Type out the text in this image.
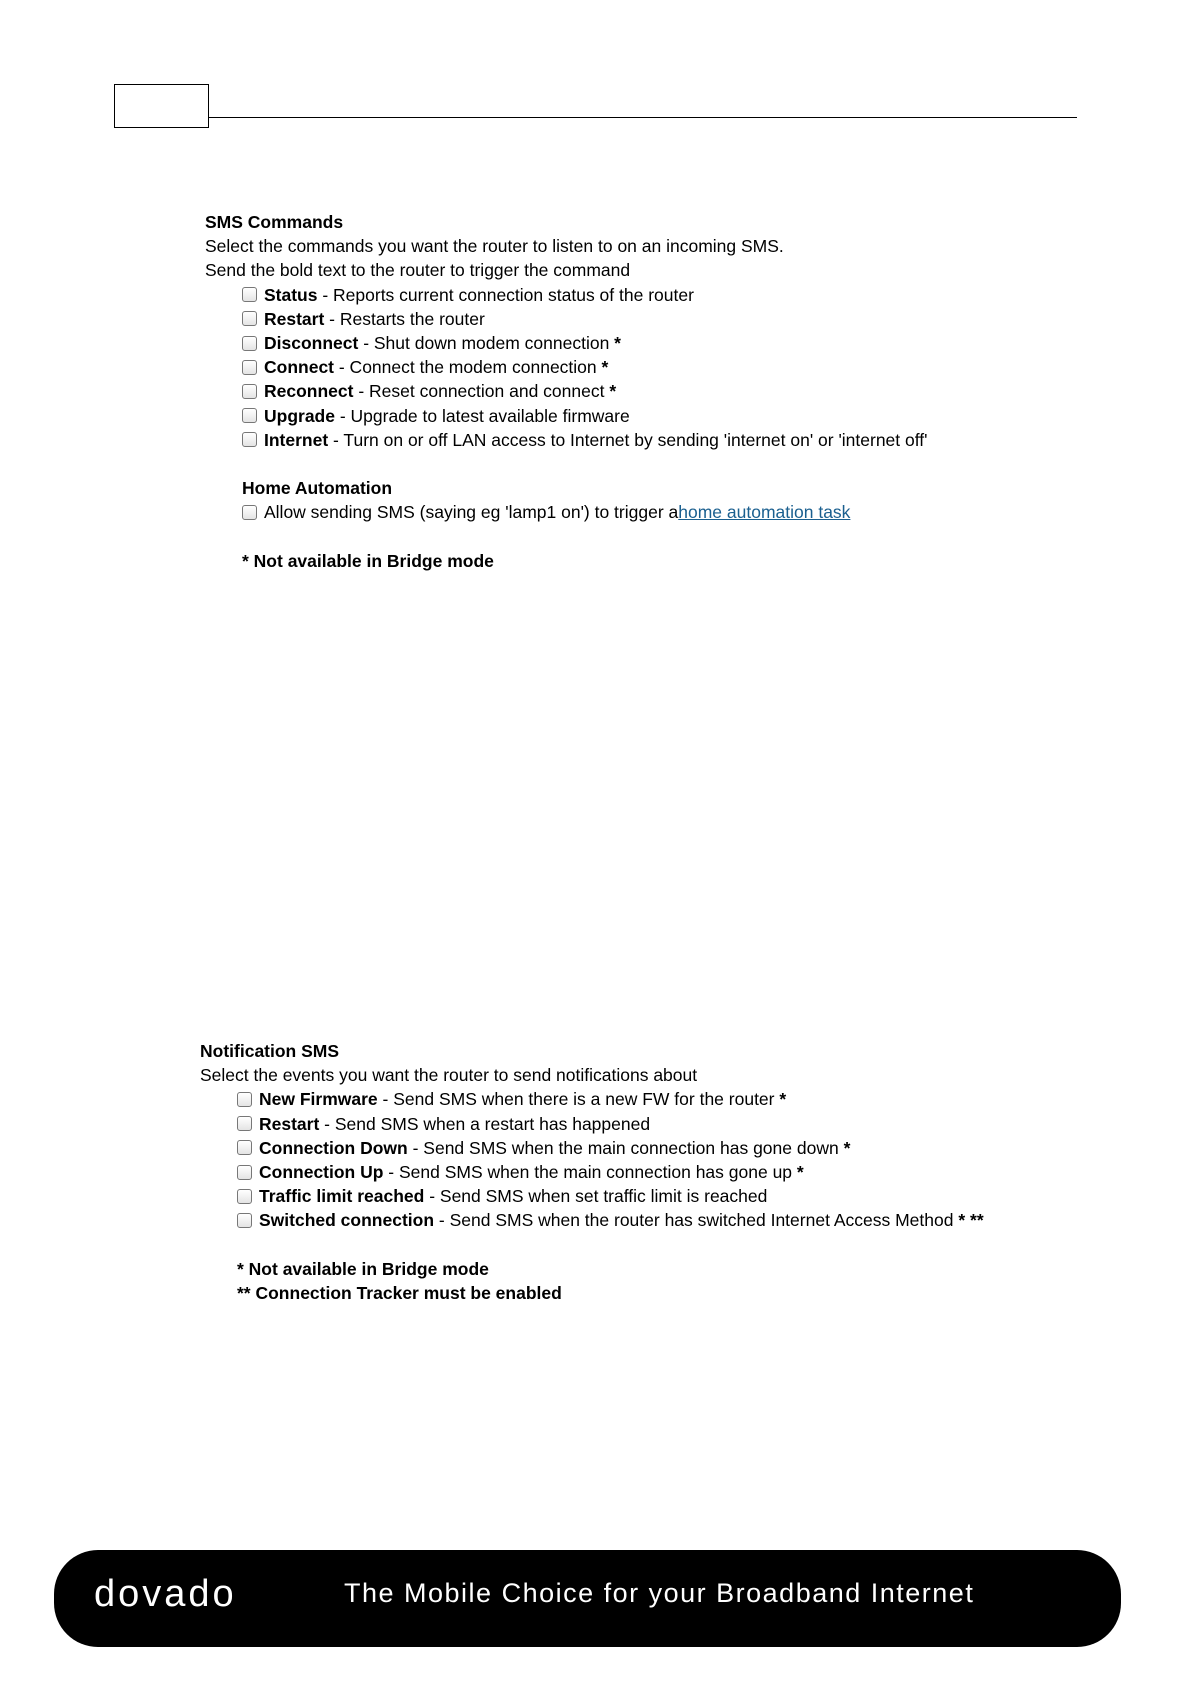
SMS Commands
Select the commands you want the router to listen to on an incoming SMS.
Send the bold text to the router to trigger the command
Status - Reports current connection status of the router
Restart - Restarts the router
Disconnect - Shut down modem connection *
Connect - Connect the modem connection *
Reconnect - Reset connection and connect *
Upgrade - Upgrade to latest available firmware
Internet - Turn on or off LAN access to Internet by sending 'internet on' or 'internet off'
Home Automation
Allow sending SMS (saying eg 'lamp1 on') to trigger a home automation task
* Not available in Bridge mode
Notification SMS
Select the events you want the router to send notifications about
New Firmware - Send SMS when there is a new FW for the router *
Restart - Send SMS when a restart has happened
Connection Down - Send SMS when the main connection has gone down *
Connection Up - Send SMS when the main connection has gone up *
Traffic limit reached - Send SMS when set traffic limit is reached
Switched connection - Send SMS when the router has switched Internet Access Method * **
* Not available in Bridge mode
** Connection Tracker must be enabled
dovado	The Mobile Choice for your Broadband Internet
